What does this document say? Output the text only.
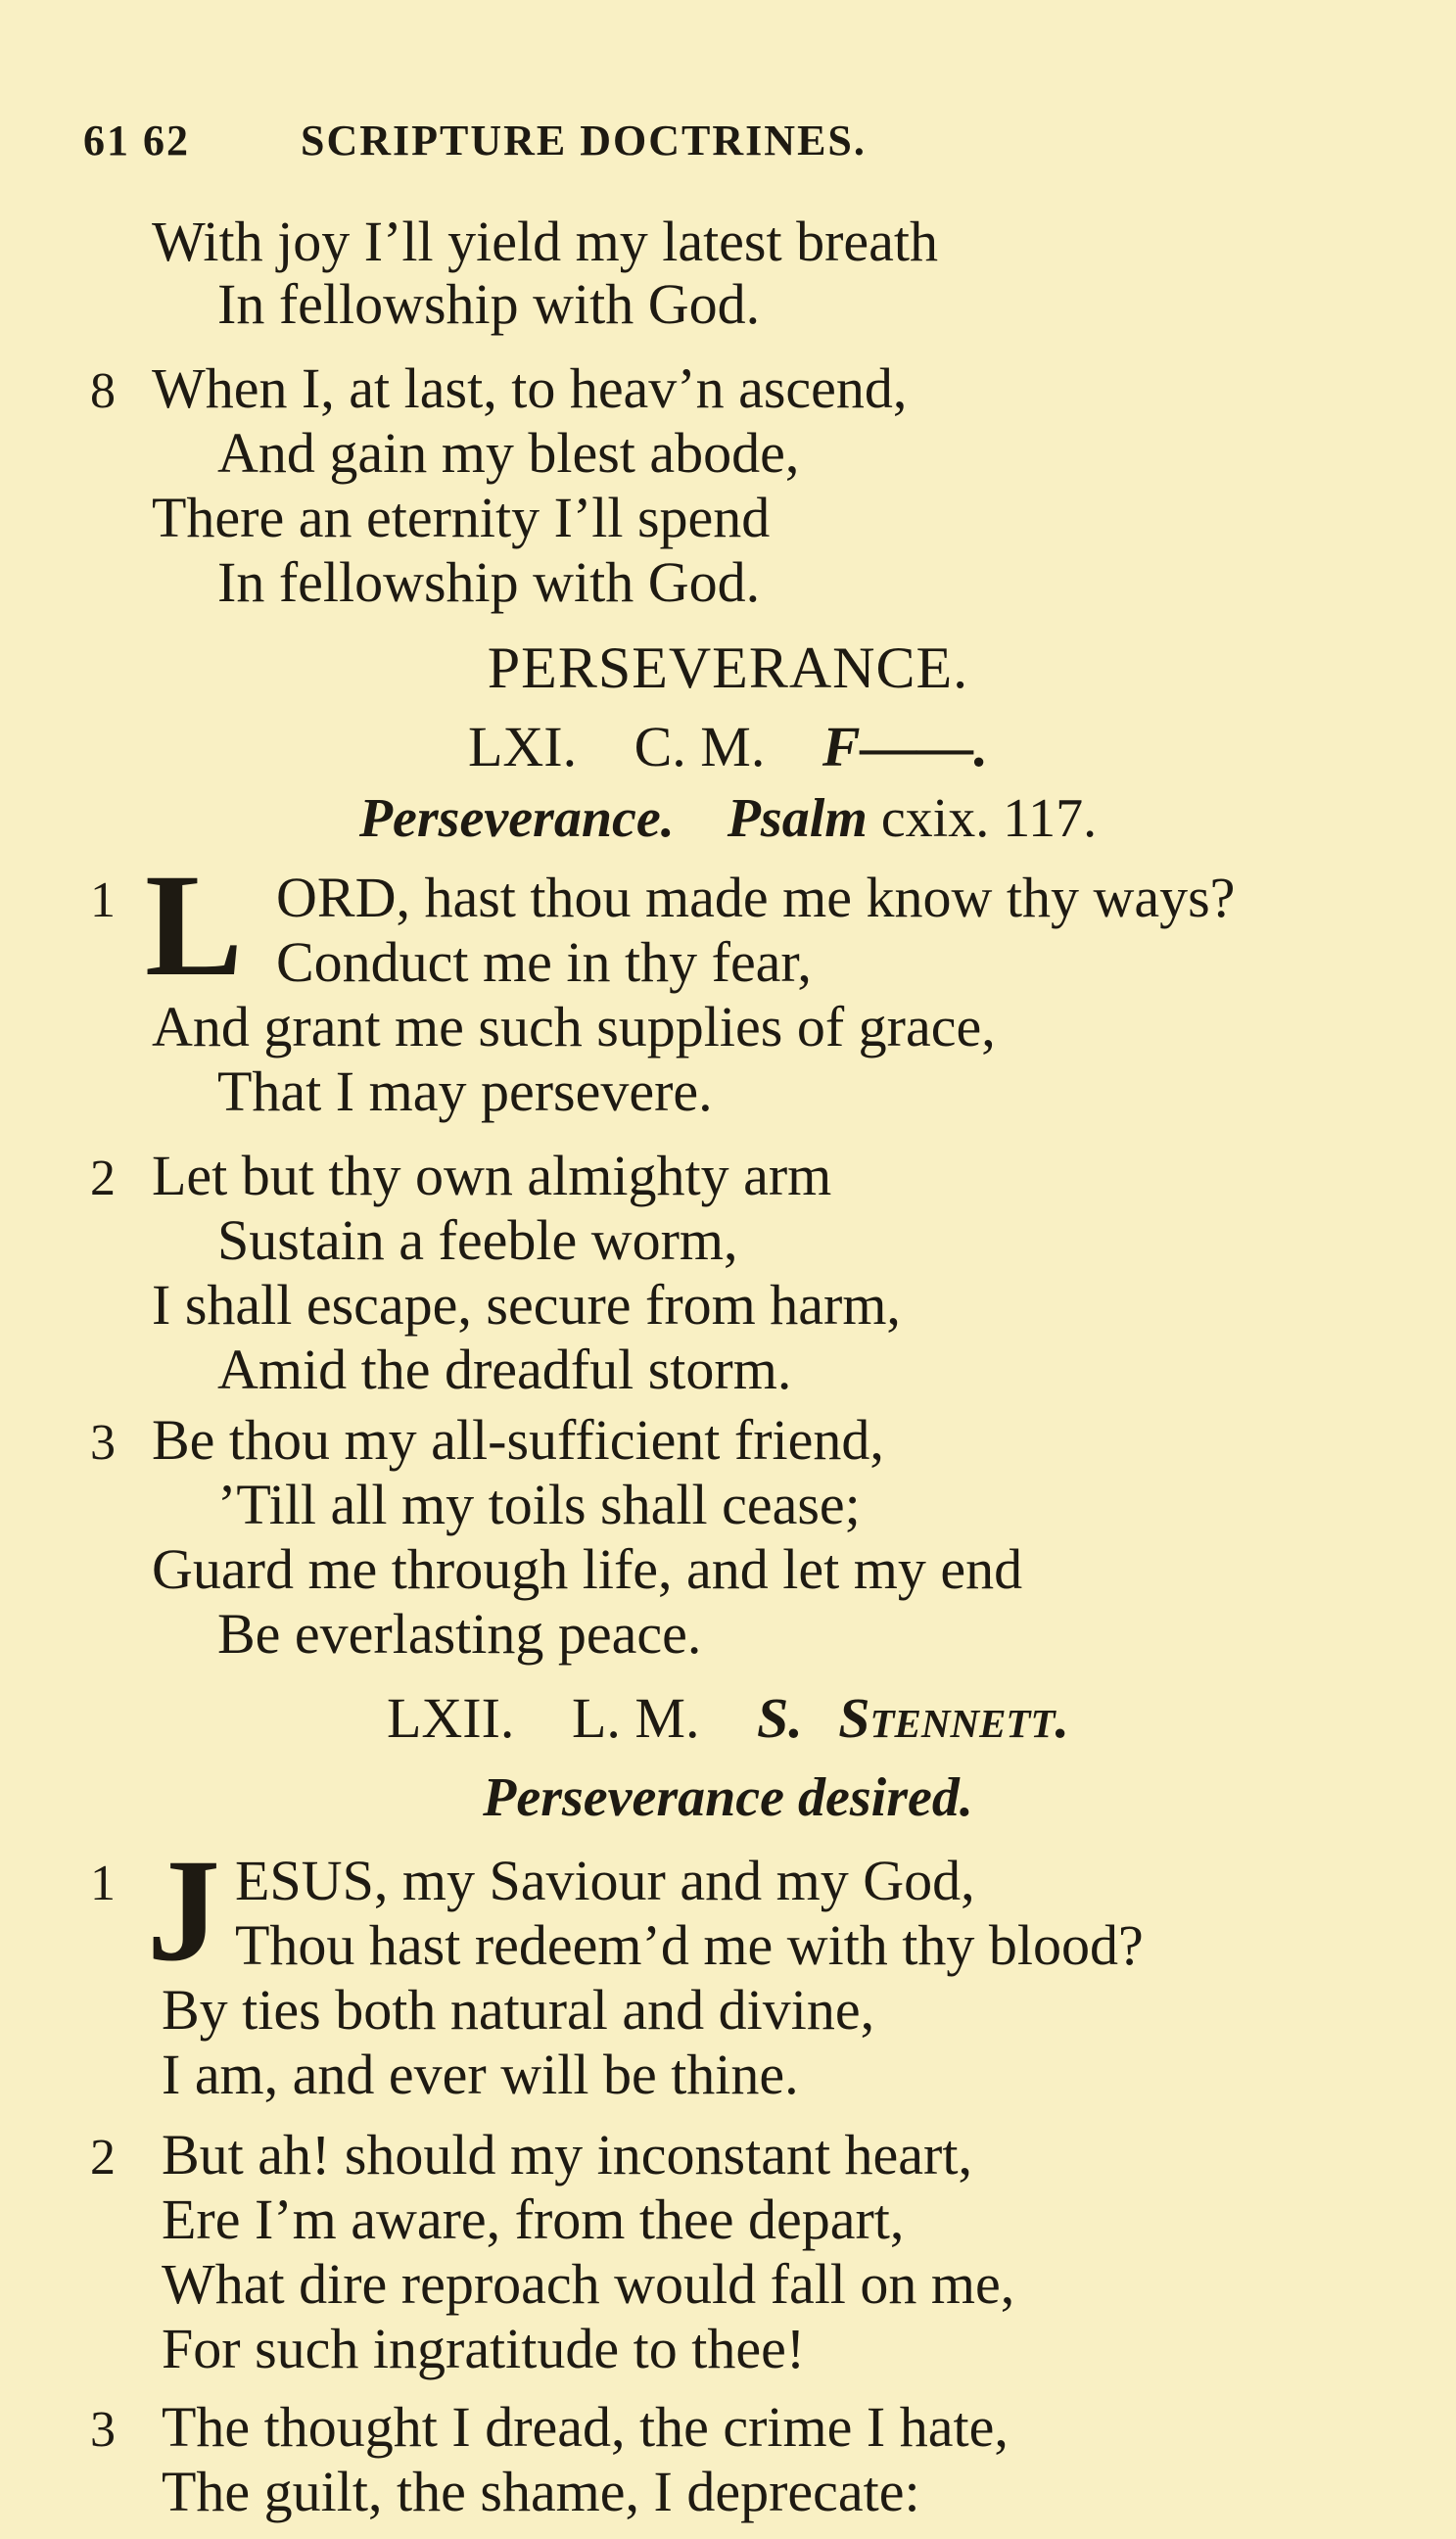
61 62	SCRIPTURE DOCTRINES.
With joy I’ll yield my latest breath
In fellowship with God.
8 When I, at last, to heav’n ascend,
And gain my blest abode,
There an eternity I’ll spend
In fellowship with God.
PERSEVERANCE.
LXI. C. M. F——.
Perseverance. Psalm cxix. 117.
1 L ORD, hast thou made me know thy ways?
Conduct me in thy fear,
And grant me such supplies of grace,
That I may persevere.
2 Let but thy own almighty arm
Sustain a feeble worm,
I shall escape, secure from harm,
Amid the dreadful storm.
3 Be thou my all-sufficient friend,
’Till all my toils shall cease;
Guard me through life, and let my end
Be everlasting peace.
LXII. L. M. S. Stennett.
Perseverance desired.
1 J ESUS, my Saviour and my God,
Thou hast redeem’d me with thy blood?
By ties both natural and divine,
I am, and ever will be thine.
2 But ah! should my inconstant heart,
Ere I’m aware, from thee depart,
What dire reproach would fall on me,
For such ingratitude to thee!
3 The thought I dread, the crime I hate,
The guilt, the shame, I deprecate:
